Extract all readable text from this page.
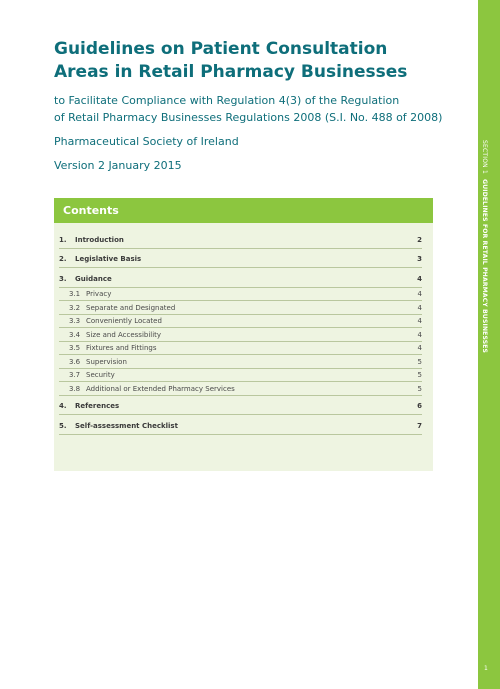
Guidelines on Patient Consultation
Areas in Retail Pharmacy Businesses
to Facilitate Compliance with Regulation 4(3) of the Regulation
of Retail Pharmacy Businesses Regulations 2008 (S.I. No. 488 of 2008)
Pharmaceutical Society of Ireland
Version 2 January 2015
Contents
1.	Introduction	2
2.	Legislative Basis	3
3.	Guidance	4
3.1 Privacy	4
3.2 Separate and Designated	4
3.3 Conveniently Located	4
3.4 Size and Accessibility	4
3.5 Fixtures and Fittings	4
3.6 Supervision	5
3.7 Security	5
3.8 Additional or Extended Pharmacy Services	5
4.	References	6
5.	Self-assessment Checklist	7
SECTION 1 GUIDELINES FOR RETAIL PHARMACY BUSINESSES
1
